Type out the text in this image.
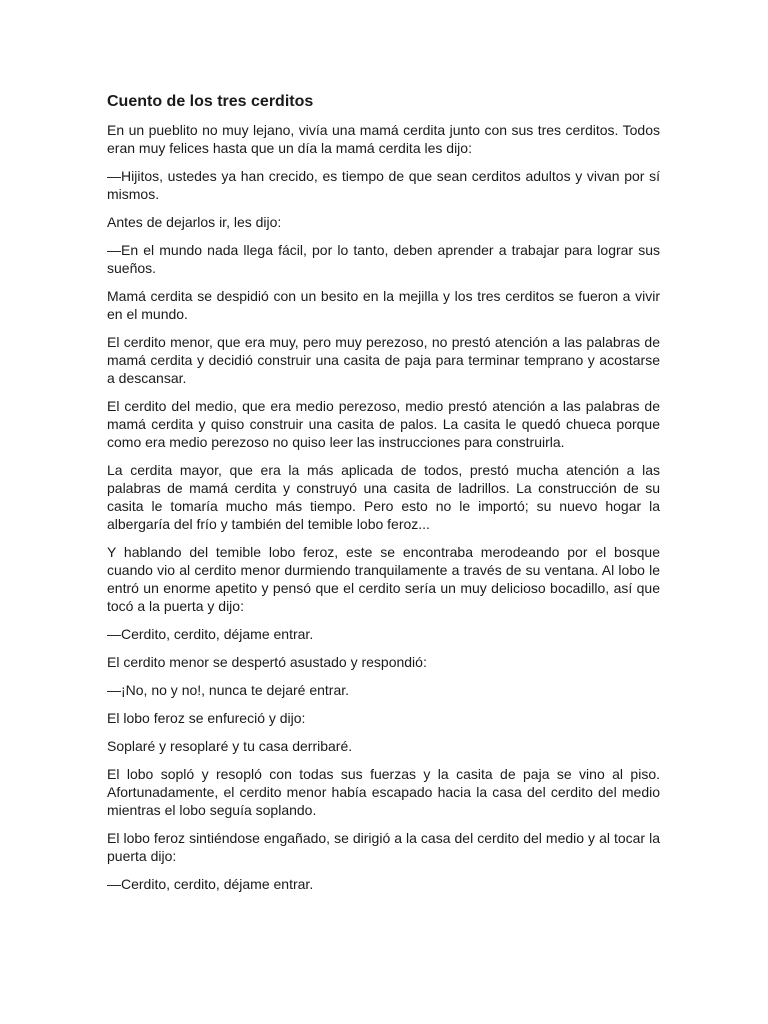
Cuento de los tres cerditos

En un pueblito no muy lejano, vivía una mamá cerdita junto con sus tres cerditos. Todos eran muy felices hasta que un día la mamá cerdita les dijo:

—Hijitos, ustedes ya han crecido, es tiempo de que sean cerditos adultos y vivan por sí mismos.

Antes de dejarlos ir, les dijo:

—En el mundo nada llega fácil, por lo tanto, deben aprender a trabajar para lograr sus sueños.

Mamá cerdita se despidió con un besito en la mejilla y los tres cerditos se fueron a vivir en el mundo.

El cerdito menor, que era muy, pero muy perezoso, no prestó atención a las palabras de mamá cerdita y decidió construir una casita de paja para terminar temprano y acostarse a descansar.

El cerdito del medio, que era medio perezoso, medio prestó atención a las palabras de mamá cerdita y quiso construir una casita de palos. La casita le quedó chueca porque como era medio perezoso no quiso leer las instrucciones para construirla.

La cerdita mayor, que era la más aplicada de todos, prestó mucha atención a las palabras de mamá cerdita y construyó una casita de ladrillos. La construcción de su casita le tomaría mucho más tiempo. Pero esto no le importó; su nuevo hogar la albergaría del frío y también del temible lobo feroz...

Y hablando del temible lobo feroz, este se encontraba merodeando por el bosque cuando vio al cerdito menor durmiendo tranquilamente a través de su ventana. Al lobo le entró un enorme apetito y pensó que el cerdito sería un muy delicioso bocadillo, así que tocó a la puerta y dijo:

—Cerdito, cerdito, déjame entrar.

El cerdito menor se despertó asustado y respondió:

—¡No, no y no!, nunca te dejaré entrar.

El lobo feroz se enfureció y dijo:

Soplaré y resoplaré y tu casa derribaré.

El lobo sopló y resopló con todas sus fuerzas y la casita de paja se vino al piso. Afortunadamente, el cerdito menor había escapado hacia la casa del cerdito del medio mientras el lobo seguía soplando.

El lobo feroz sintiéndose engañado, se dirigió a la casa del cerdito del medio y al tocar la puerta dijo:

—Cerdito, cerdito, déjame entrar.
